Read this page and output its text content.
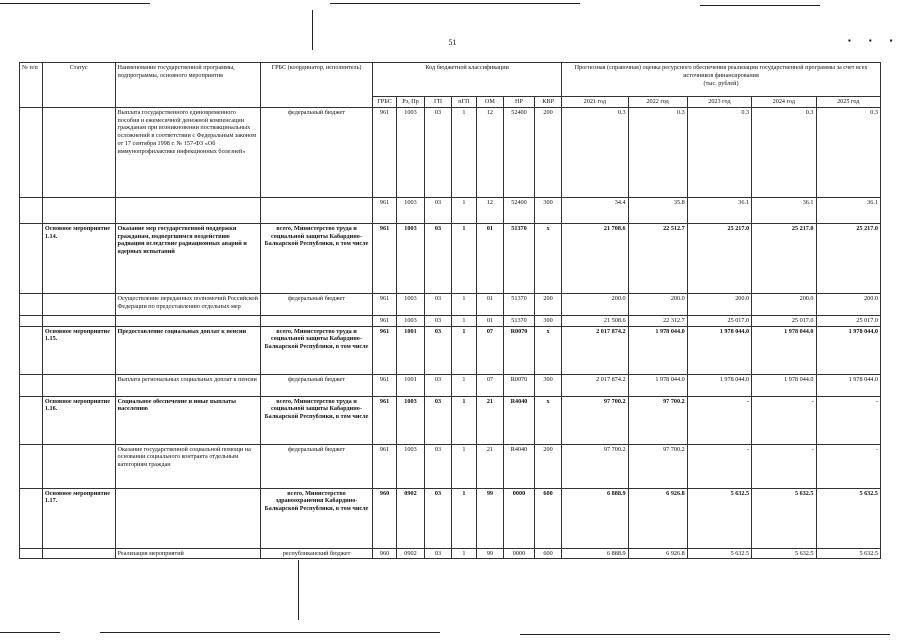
51	▪ ▪ ▪
№ п/п	Статус	Наименование государственной программы, подпрограммы, основного мероприятия	ГРБС (координатор, исполнитель)	Код бюджетной классификации							Прогнозная (справочная) оценка ресурсного обеспечения реализации государственной программы за счет всех источников финансирования
(тыс. рублей)				
				ГРБС	Рз, Пр	ГП	пГП	ОМ	НР	КВР	2021 год	2022 год	2023 год	2024 год	2025 год
		Выплата государственного единовременного пособия и ежемесячной денежной компенсации гражданам при возникновении поствакцинальных осложнений в соответствии с Федеральным законом от 17 сентября 1998 г. № 157-ФЗ «Об иммунопрофилактике инфекционных болезней»	федеральный бюджет	961	1003	03	1	12	52400	200	0.3	0.3	0.3	0.3	0.3
				961	1003	03	1	12	52400	300	34.4	35.8	36.1	36.1	36.1
	Основное мероприятие 1.14.	Оказание мер государственной поддержки гражданам, подвергшимся воздействию радиации вследствие радиационных аварий и ядерных испытаний	всего, Министерство труда и социальной защиты Кабардино-Балкарской Республики, в том числе	961	1003	03	1	01	51370	х	21 708.6	22 512.7	25 217.0	25 217.0	25 217.0
		Осуществление переданных полномочий Российской Федерации по предоставлению отдельных мер	федеральный бюджет	961	1003	03	1	01	51370	200	200.0	200.0	200.0	200.0	200.0
				961	1003	03	1	01	51370	300	21 508.6	22 312.7	25 017.0	25 017.0	25 017.0
	Основное мероприятие 1.15.	Предоставление социальных доплат к пенсии	всего, Министерство труда и социальной защиты Кабардино-Балкарской Республики, в том числе	961	1001	03	1	07	R0070	х	2 017 874.2	1 978 044.0	1 978 044.0	1 978 044.0	1 978 044.0
		Выплата региональных социальных доплат к пенсии	федеральный бюджет	961	1001	03	1	07	R0070	300	2 017 874.2	1 978 044.0	1 978 044.0	1 978 044.0	1 978 044.0
	Основное мероприятие 1.16.	Социальное обеспечение и иные выплаты населению	всего, Министерство труда и социальной защиты Кабардино-Балкарской Республики, в том числе	961	1003	03	1	21	R4040	х	97 700.2	97 700.2	-	-	-
		Оказание государственной социальной помощи на основании социального контракта отдельным категориям граждан	федеральный бюджет	961	1003	03	1	21	R4040	200	97 700.2	97 700.2	-	-	-
	Основное мероприятие 1.17.		всего, Министерство здравоохранения Кабардино-Балкарской Республики, в том числе	960	0902	03	1	99	0000	600	6 888.9	6 926.8	5 632.5	5 632.5	5 632.5
		Реализация мероприятий	республиканский бюджет	960	0902	03	1	99	0000	600	6 888.9	6 926.8	5 632.5	5 632.5	5 632.5
